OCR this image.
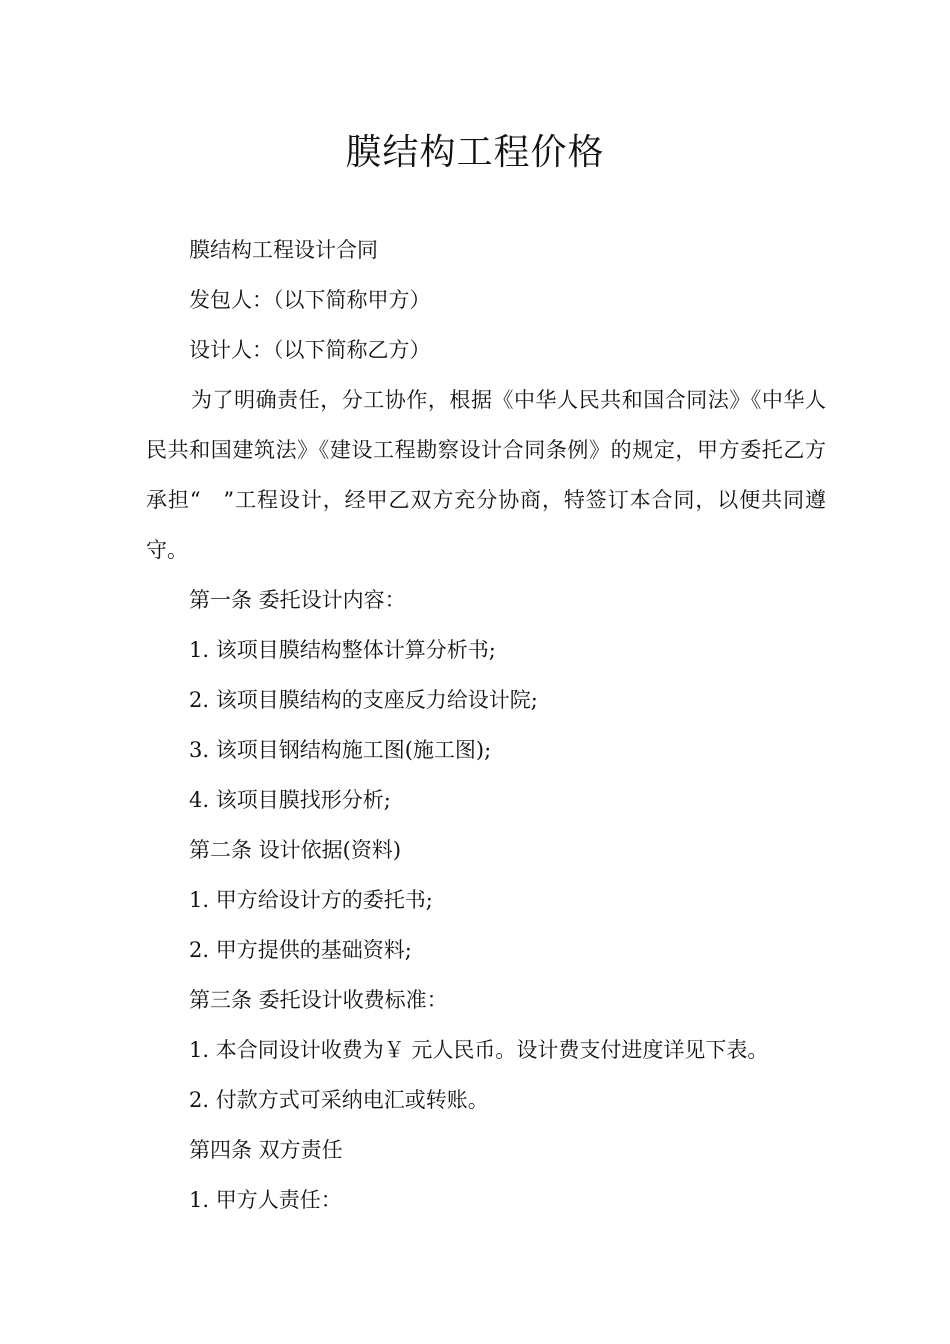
膜结构工程价格

膜结构工程设计合同

发包人：（以下简称甲方）

设计人：（以下简称乙方）

为了明确责任，分工协作，根据《中华人民共和国合同法》《中华人民共和国建筑法》《建设工程勘察设计合同条例》的规定，甲方委托乙方承担“　”工程设计，经甲乙双方充分协商，特签订本合同，以便共同遵守。

第一条 委托设计内容：

1. 该项目膜结构整体计算分析书;

2. 该项目膜结构的支座反力给设计院;

3. 该项目钢结构施工图(施工图);

4. 该项目膜找形分析;

第二条 设计依据(资料)

1. 甲方给设计方的委托书;

2. 甲方提供的基础资料;

第三条 委托设计收费标准：

1. 本合同设计收费为￥ 元人民币。设计费支付进度详见下表。

2. 付款方式可采纳电汇或转账。

第四条 双方责任

1. 甲方人责任：
